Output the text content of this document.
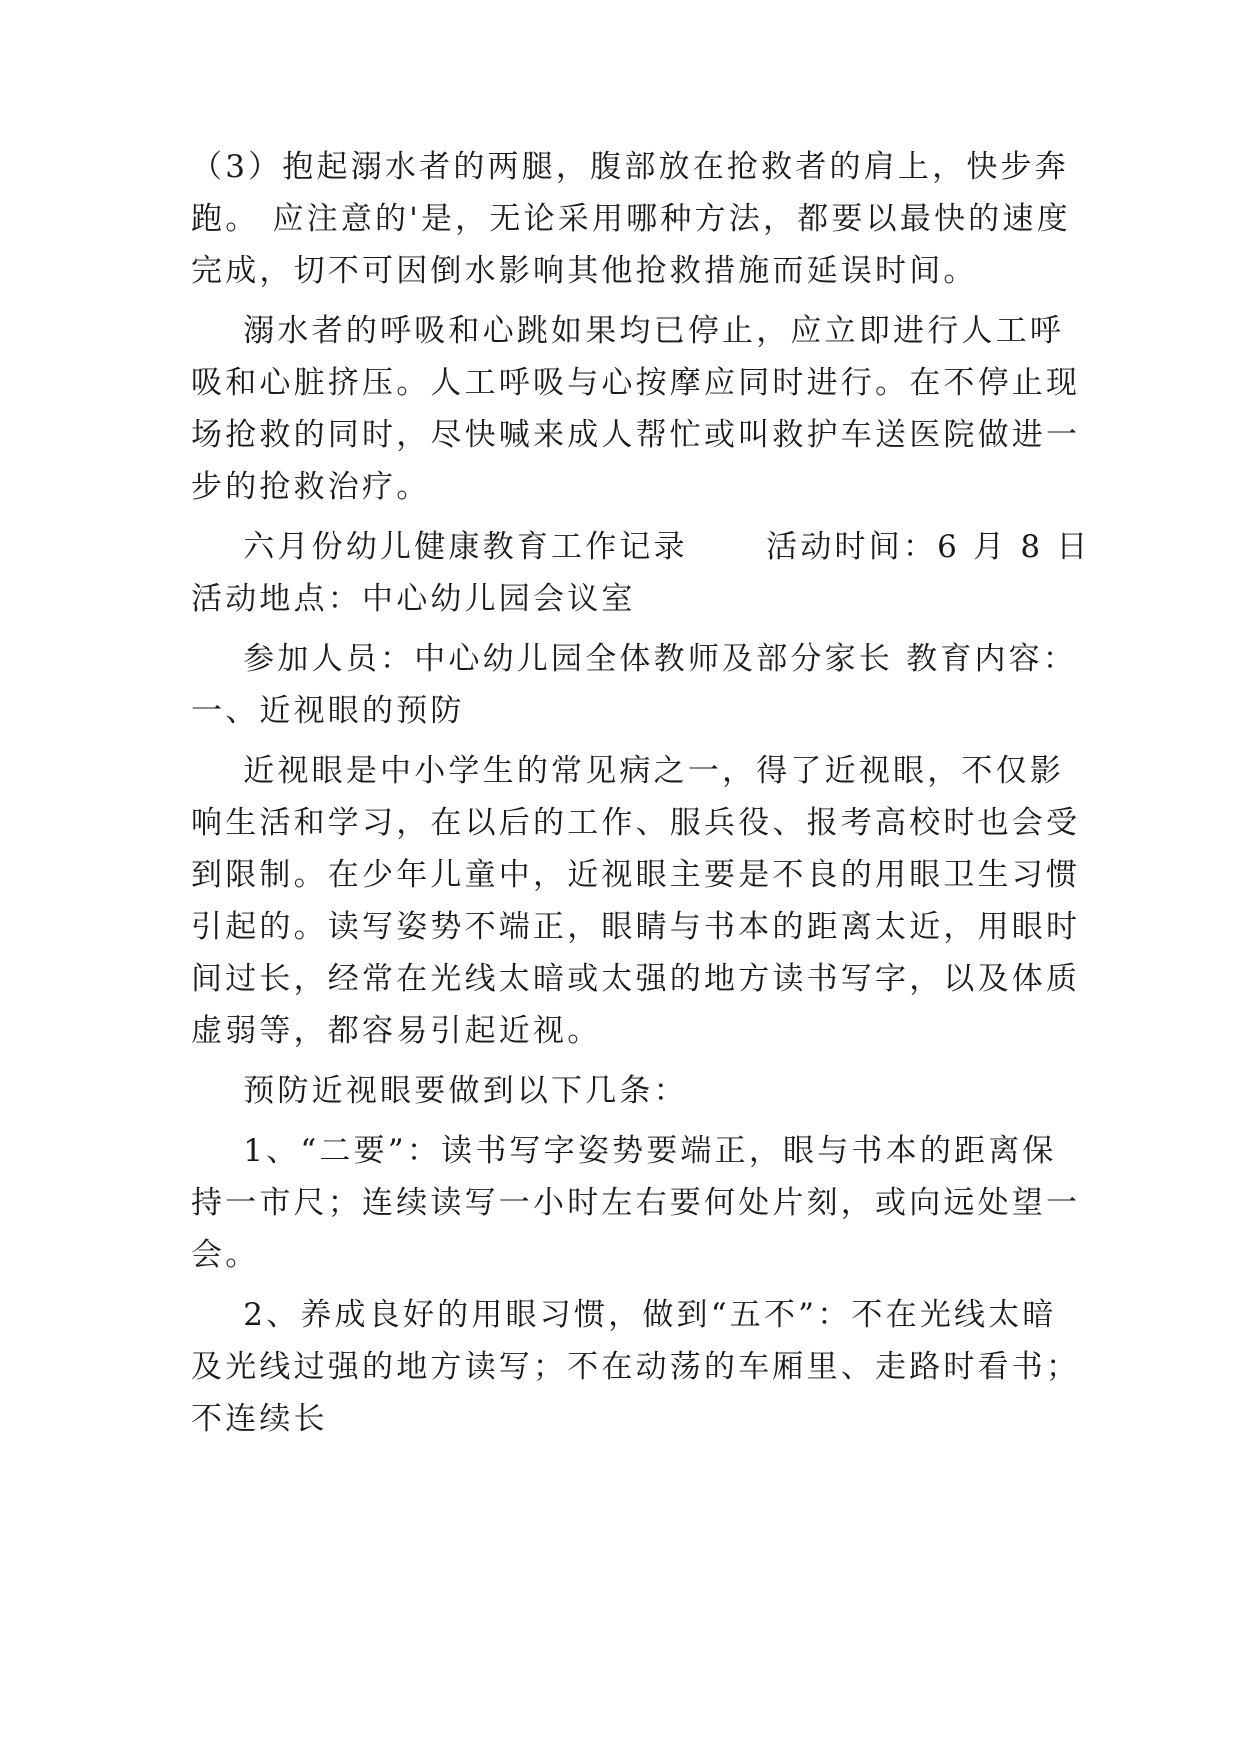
（3）抱起溺水者的两腿，腹部放在抢救者的肩上，快步奔
跑。 应注意的'是，无论采用哪种方法，都要以最快的速度
完成，切不可因倒水影响其他抢救措施而延误时间。
溺水者的呼吸和心跳如果均已停止，应立即进行人工呼
吸和心脏挤压。人工呼吸与心按摩应同时进行。在不停止现
场抢救的同时，尽快喊来成人帮忙或叫救护车送医院做进一
步的抢救治疗。
六月份幼儿健康教育工作记录      活动时间：6 月 8 日
活动地点：中心幼儿园会议室
参加人员：中心幼儿园全体教师及部分家长 教育内容：
一、近视眼的预防
近视眼是中小学生的常见病之一，得了近视眼，不仅影
响生活和学习，在以后的工作、服兵役、报考高校时也会受
到限制。在少年儿童中，近视眼主要是不良的用眼卫生习惯
引起的。读写姿势不端正，眼睛与书本的距离太近，用眼时
间过长，经常在光线太暗或太强的地方读书写字，以及体质
虚弱等，都容易引起近视。
预防近视眼要做到以下几条：
1、“二要”：读书写字姿势要端正，眼与书本的距离保
持一市尺；连续读写一小时左右要何处片刻，或向远处望一
会。
2、养成良好的用眼习惯，做到“五不”：不在光线太暗
及光线过强的地方读写；不在动荡的车厢里、走路时看书；
不连续长
